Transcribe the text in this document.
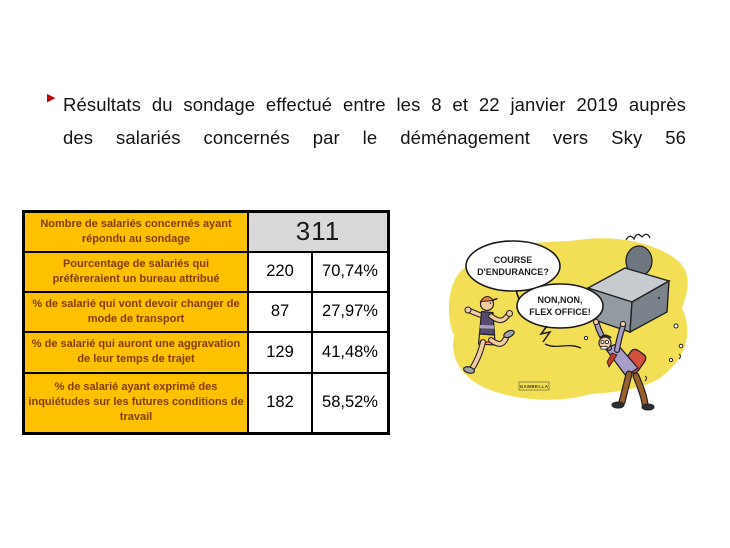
▶ Résultats du sondage effectué entre les 8 et 22 janvier 2019 auprès
des salariés concernés par le déménagement vers Sky 56
Nombre de salariés concernés ayant répondu au sondage	311	
Pourcentage de salariés qui préfèreraient un bureau attribué	220	70,74%
% de salarié qui vont devoir changer de mode de transport	87	27,97%
% de salarié qui auront une aggravation de leur temps de trajet	129	41,48%
% de salarié ayant exprimé des inquiétudes sur les futures conditions de travail	182	58,52%
COURSE
D'ENDURANCE?
NON,NON,
FLEX OFFICE!
GAMBELLA
